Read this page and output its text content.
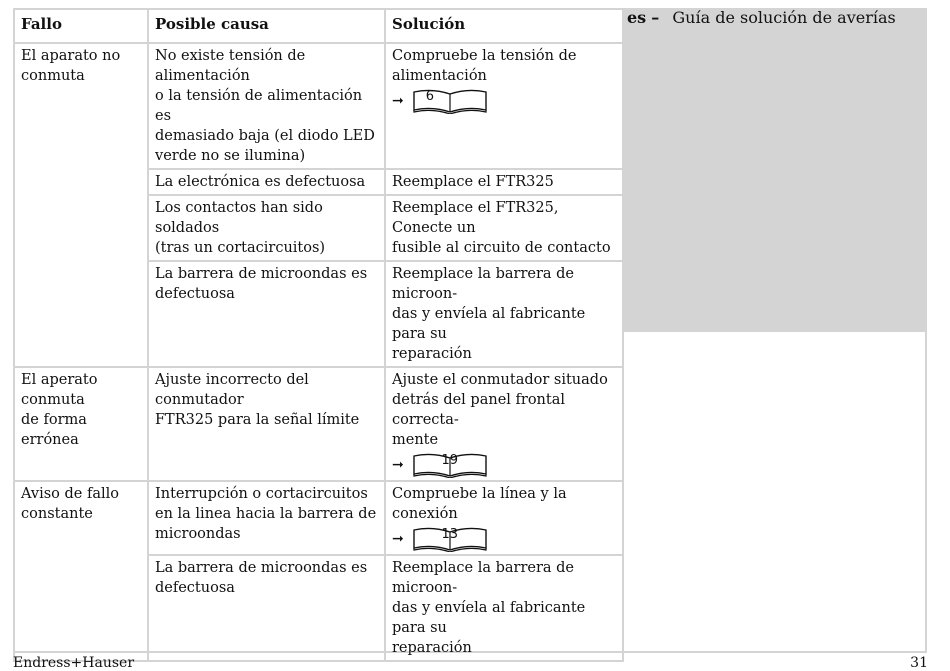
es – Guía de solución de averías
Fallo	Posible causa	Solución

El aparato no
conmuta	No existe tensión de alimentación
o la tensión de alimentación es
demasiado baja (el diodo LED
verde no se ilumina)	Compruebe la tensión de
alimentación
➞ 6

	La electrónica es defectuosa	Reemplace el FTR325

	Los contactos han sido soldados
(tras un cortacircuitos)	Reemplace el FTR325, Conecte un
fusible al circuito de contacto

	La barrera de microondas es
defectuosa	Reemplace la barrera de microon-
das y envíela al fabricante para su
reparación

El aperato conmuta
de forma errónea	Ajuste incorrecto del conmutador
FTR325 para la señal límite	Ajuste el conmutador situado
detrás del panel frontal correcta-
mente
➞ 19

Aviso de fallo
constante	Interrupción o cortacircuitos
en la linea hacia la barrera de
microondas	Compruebe la línea y la conexión
➞ 13

	La barrera de microondas es
defectuosa	Reemplace la barrera de microon-
das y envíela al fabricante para su
reparación
Endress+Hauser	31
